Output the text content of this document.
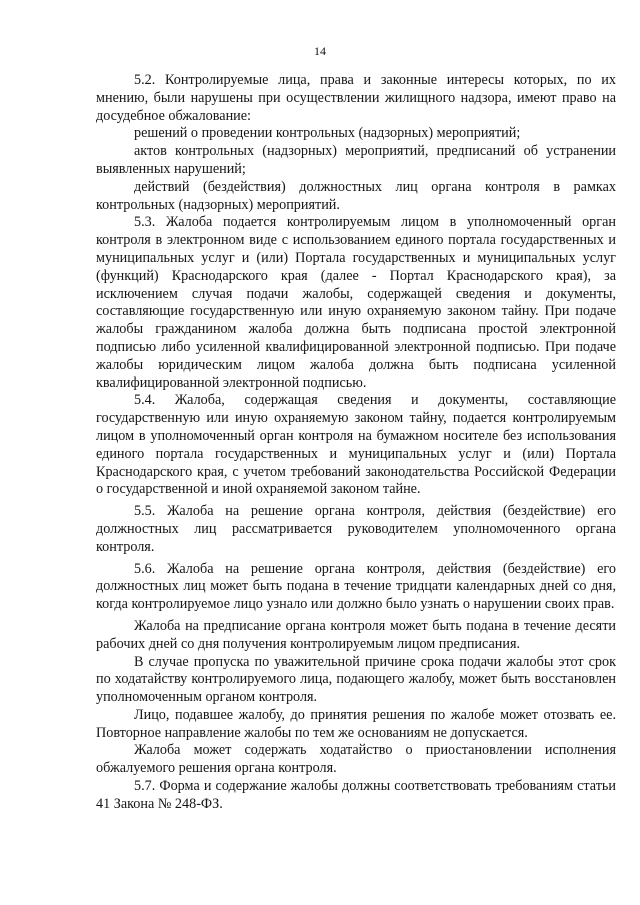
14

5.2. Контролируемые лица, права и законные интересы которых, по их мнению, были нарушены при осуществлении жилищного надзора, имеют право на досудебное обжалование:

решений о проведении контрольных (надзорных) мероприятий;

актов контрольных (надзорных) мероприятий, предписаний об устранении выявленных нарушений;

действий (бездействия) должностных лиц органа контроля в рамках контрольных (надзорных) мероприятий.

5.3. Жалоба подается контролируемым лицом в уполномоченный орган контроля в электронном виде с использованием единого портала государственных и муниципальных услуг и (или) Портала государственных и муниципальных услуг (функций) Краснодарского края (далее - Портал Краснодарского края), за исключением случая подачи жалобы, содержащей сведения и документы, составляющие государственную или иную охраняемую законом тайну. При подаче жалобы гражданином жалоба должна быть подписана простой электронной подписью либо усиленной квалифицированной электронной подписью. При подаче жалобы юридическим лицом жалоба должна быть подписана усиленной квалифицированной электронной подписью.

5.4. Жалоба, содержащая сведения и документы, составляющие государственную или иную охраняемую законом тайну, подается контролируемым лицом в уполномоченный орган контроля на бумажном носителе без использования единого портала государственных и муниципальных услуг и (или) Портала Краснодарского края, с учетом требований законодательства Российской Федерации о государственной и иной охраняемой законом тайне.

5.5. Жалоба на решение органа контроля, действия (бездействие) его должностных лиц рассматривается руководителем уполномоченного органа контроля.

5.6. Жалоба на решение органа контроля, действия (бездействие) его должностных лиц может быть подана в течение тридцати календарных дней со дня, когда контролируемое лицо узнало или должно было узнать о нарушении своих прав.

Жалоба на предписание органа контроля может быть подана в течение десяти рабочих дней со дня получения контролируемым лицом предписания.

В случае пропуска по уважительной причине срока подачи жалобы этот срок по ходатайству контролируемого лица, подающего жалобу, может быть восстановлен уполномоченным органом контроля.

Лицо, подавшее жалобу, до принятия решения по жалобе может отозвать ее. Повторное направление жалобы по тем же основаниям не допускается.

Жалоба может содержать ходатайство о приостановлении исполнения обжалуемого решения органа контроля.

5.7. Форма и содержание жалобы должны соответствовать требованиям статьи 41 Закона № 248-ФЗ.
